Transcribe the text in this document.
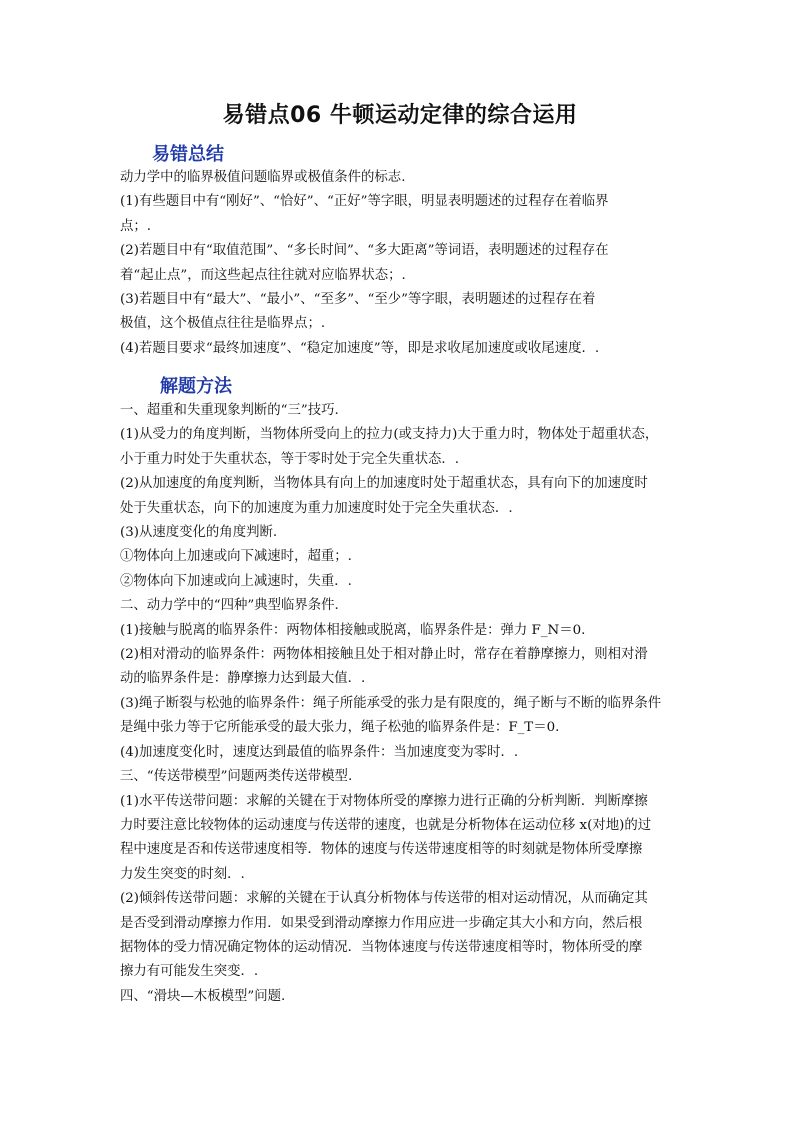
易错点06 牛顿运动定律的综合运用
易错总结

动力学中的临界极值问题临界或极值条件的标志.

(1)有些题目中有“刚好”、“恰好”、“正好”等字眼，明显表明题述的过程存在着临界

点；.

(2)若题目中有“取值范围”、“多长时间”、“多大距离”等词语，表明题述的过程存在

着“起止点”，而这些起点往往就对应临界状态；.

(3)若题目中有“最大”、“最小”、“至多”、“至少”等字眼，表明题述的过程存在着

极值，这个极值点往往是临界点；.

(4)若题目要求“最终加速度”、“稳定加速度”等，即是求收尾加速度或收尾速度．.

解题方法

一、超重和失重现象判断的“三”技巧.

(1)从受力的角度判断，当物体所受向上的拉力(或支持力)大于重力时，物体处于超重状态，

小于重力时处于失重状态，等于零时处于完全失重状态．.

(2)从加速度的角度判断，当物体具有向上的加速度时处于超重状态，具有向下的加速度时

处于失重状态，向下的加速度为重力加速度时处于完全失重状态．.

(3)从速度变化的角度判断.

①物体向上加速或向下减速时，超重；.

②物体向下加速或向上减速时，失重．.

二、动力学中的“四种”典型临界条件.

(1)接触与脱离的临界条件：两物体相接触或脱离，临界条件是：弹力 F_N＝0.

(2)相对滑动的临界条件：两物体相接触且处于相对静止时，常存在着静摩擦力，则相对滑

动的临界条件是：静摩擦力达到最大值．.

(3)绳子断裂与松弛的临界条件：绳子所能承受的张力是有限度的，绳子断与不断的临界条件

是绳中张力等于它所能承受的最大张力，绳子松弛的临界条件是：F_T＝0.

(4)加速度变化时，速度达到最值的临界条件：当加速度变为零时．.

三、“传送带模型”问题两类传送带模型.

(1)水平传送带问题：求解的关键在于对物体所受的摩擦力进行正确的分析判断．判断摩擦

力时要注意比较物体的运动速度与传送带的速度，也就是分析物体在运动位移 x(对地)的过

程中速度是否和传送带速度相等．物体的速度与传送带速度相等的时刻就是物体所受摩擦

力发生突变的时刻．.

(2)倾斜传送带问题：求解的关键在于认真分析物体与传送带的相对运动情况，从而确定其

是否受到滑动摩擦力作用．如果受到滑动摩擦力作用应进一步确定其大小和方向，然后根

据物体的受力情况确定物体的运动情况．当物体速度与传送带速度相等时，物体所受的摩

擦力有可能发生突变．.

四、“滑块—木板模型”问题.
